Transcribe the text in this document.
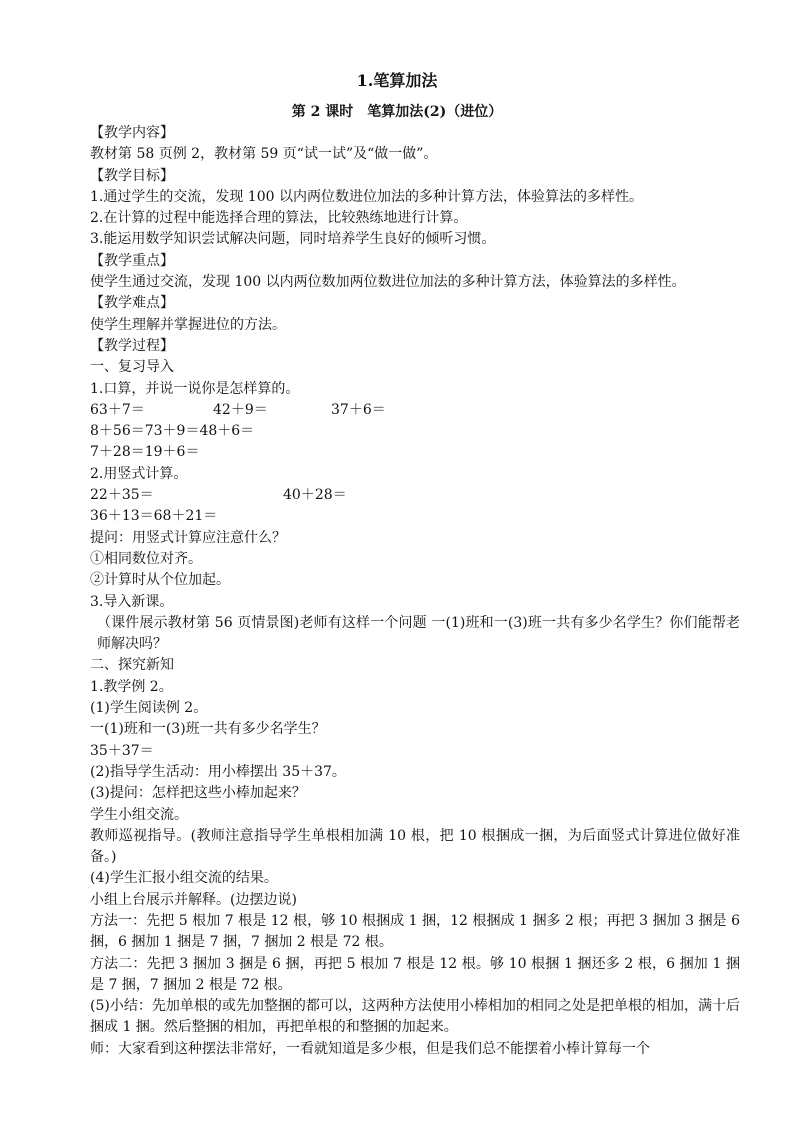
1.笔算加法
第 2 课时　笔算加法(2)（进位）

【教学内容】

教材第 58 页例 2，教材第 59 页“试一试”及“做一做”。

【教学目标】

1.通过学生的交流，发现 100 以内两位数进位加法的多种计算方法，体验算法的多样性。

2.在计算的过程中能选择合理的算法，比较熟练地进行计算。

3.能运用数学知识尝试解决问题，同时培养学生良好的倾听习惯。

【教学重点】

使学生通过交流，发现 100 以内两位数加两位数进位加法的多种计算方法，体验算法的多样性。

【教学难点】

使学生理解并掌握进位的方法。

【教学过程】

一、复习导入

1.口算，并说一说你是怎样算的。

63＋7＝

	42＋9＝

	37＋6＝

8＋56＝73＋9＝48＋6＝

7＋28＝19＋6＝

2.用竖式计算。

22＋35＝

	40＋28＝

36＋13＝68＋21＝

提问：用竖式计算应注意什么？

①相同数位对齐。

②计算时从个位加起。

3.导入新课。

（课件展示教材第 56 页情景图)老师有这样一个问题 一(1)班和一(3)班一共有多少名学生？你们能帮老师解决吗？

二、探究新知

1.教学例 2。

(1)学生阅读例 2。

一(1)班和一(3)班一共有多少名学生？

35＋37＝

(2)指导学生活动：用小棒摆出 35＋37。

(3)提问：怎样把这些小棒加起来？

学生小组交流。

教师巡视指导。(教师注意指导学生单根相加满 10 根，把 10 根捆成一捆，为后面竖式计算进位做好准备。)

(4)学生汇报小组交流的结果。

小组上台展示并解释。(边摆边说)

方法一：先把 5 根加 7 根是 12 根，够 10 根捆成 1 捆，12 根捆成 1 捆多 2 根；再把 3 捆加 3 捆是 6 捆，6 捆加 1 捆是 7 捆，7 捆加 2 根是 72 根。

方法二：先把 3 捆加 3 捆是 6 捆，再把 5 根加 7 根是 12 根。够 10 根捆 1 捆还多 2 根，6 捆加 1 捆是 7 捆，7 捆加 2 根是 72 根。

(5)小结：先加单根的或先加整捆的都可以，这两种方法使用小棒相加的相同之处是把单根的相加，满十后捆成 1 捆。然后整捆的相加，再把单根的和整捆的加起来。

师：大家看到这种摆法非常好，一看就知道是多少根，但是我们总不能摆着小棒计算每一个
